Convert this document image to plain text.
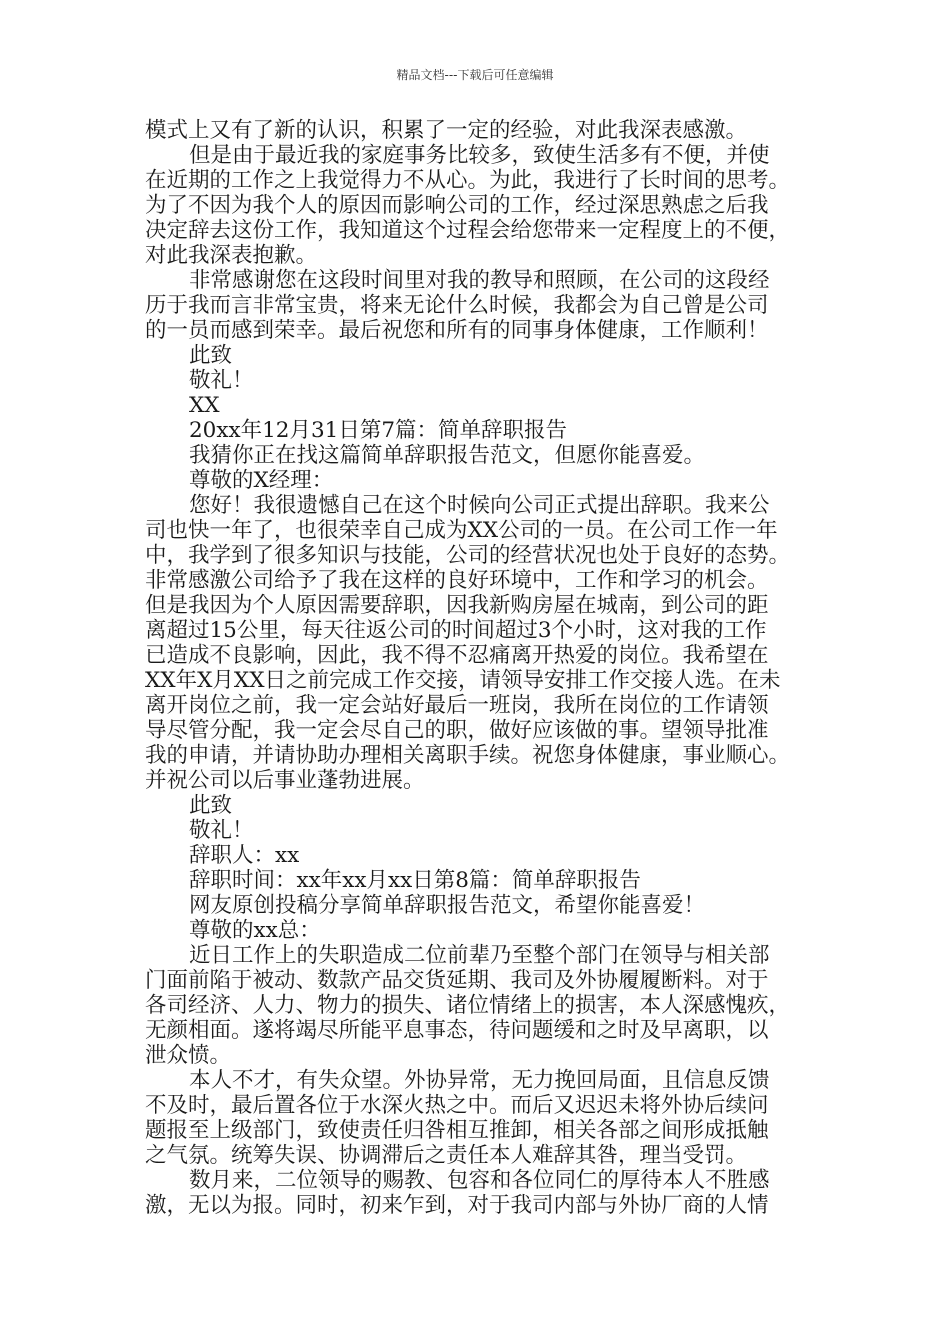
精品文档---下载后可任意编辑
模式上又有了新的认识，积累了一定的经验，对此我深表感激。
但是由于最近我的家庭事务比较多，致使生活多有不便，并使
在近期的工作之上我觉得力不从心。为此，我进行了长时间的思考。
为了不因为我个人的原因而影响公司的工作，经过深思熟虑之后我
决定辞去这份工作，我知道这个过程会给您带来一定程度上的不便，
对此我深表抱歉。
非常感谢您在这段时间里对我的教导和照顾，在公司的这段经
历于我而言非常宝贵，将来无论什么时候，我都会为自己曾是公司
的一员而感到荣幸。最后祝您和所有的同事身体健康，工作顺利！
此致
敬礼！
XX
20xx年12月31日第7篇：简单辞职报告
我猜你正在找这篇简单辞职报告范文，但愿你能喜爱。
尊敬的X经理：
您好！我很遗憾自己在这个时候向公司正式提出辞职。我来公
司也快一年了，也很荣幸自己成为XX公司的一员。在公司工作一年
中，我学到了很多知识与技能，公司的经营状况也处于良好的态势。
非常感激公司给予了我在这样的良好环境中，工作和学习的机会。
但是我因为个人原因需要辞职，因我新购房屋在城南，到公司的距
离超过15公里，每天往返公司的时间超过3个小时，这对我的工作
已造成不良影响，因此，我不得不忍痛离开热爱的岗位。我希望在
XX年X月XX日之前完成工作交接，请领导安排工作交接人选。在未
离开岗位之前，我一定会站好最后一班岗，我所在岗位的工作请领
导尽管分配，我一定会尽自己的职，做好应该做的事。望领导批准
我的申请，并请协助办理相关离职手续。祝您身体健康，事业顺心。
并祝公司以后事业蓬勃进展。
此致
敬礼！
辞职人：xx
辞职时间：xx年xx月xx日第8篇：简单辞职报告
网友原创投稿分享简单辞职报告范文，希望你能喜爱！
尊敬的xx总：
近日工作上的失职造成二位前辈乃至整个部门在领导与相关部
门面前陷于被动、数款产品交货延期、我司及外协履履断料。对于
各司经济、人力、物力的损失、诸位情绪上的损害，本人深感愧疚，
无颜相面。遂将竭尽所能平息事态，待问题缓和之时及早离职，以
泄众愤。
本人不才，有失众望。外协异常，无力挽回局面，且信息反馈
不及时，最后置各位于水深火热之中。而后又迟迟未将外协后续问
题报至上级部门，致使责任归咎相互推卸，相关各部之间形成抵触
之气氛。统筹失误、协调滞后之责任本人难辞其咎，理当受罚。
数月来，二位领导的赐教、包容和各位同仁的厚待本人不胜感
激，无以为报。同时，初来乍到，对于我司内部与外协厂商的人情
